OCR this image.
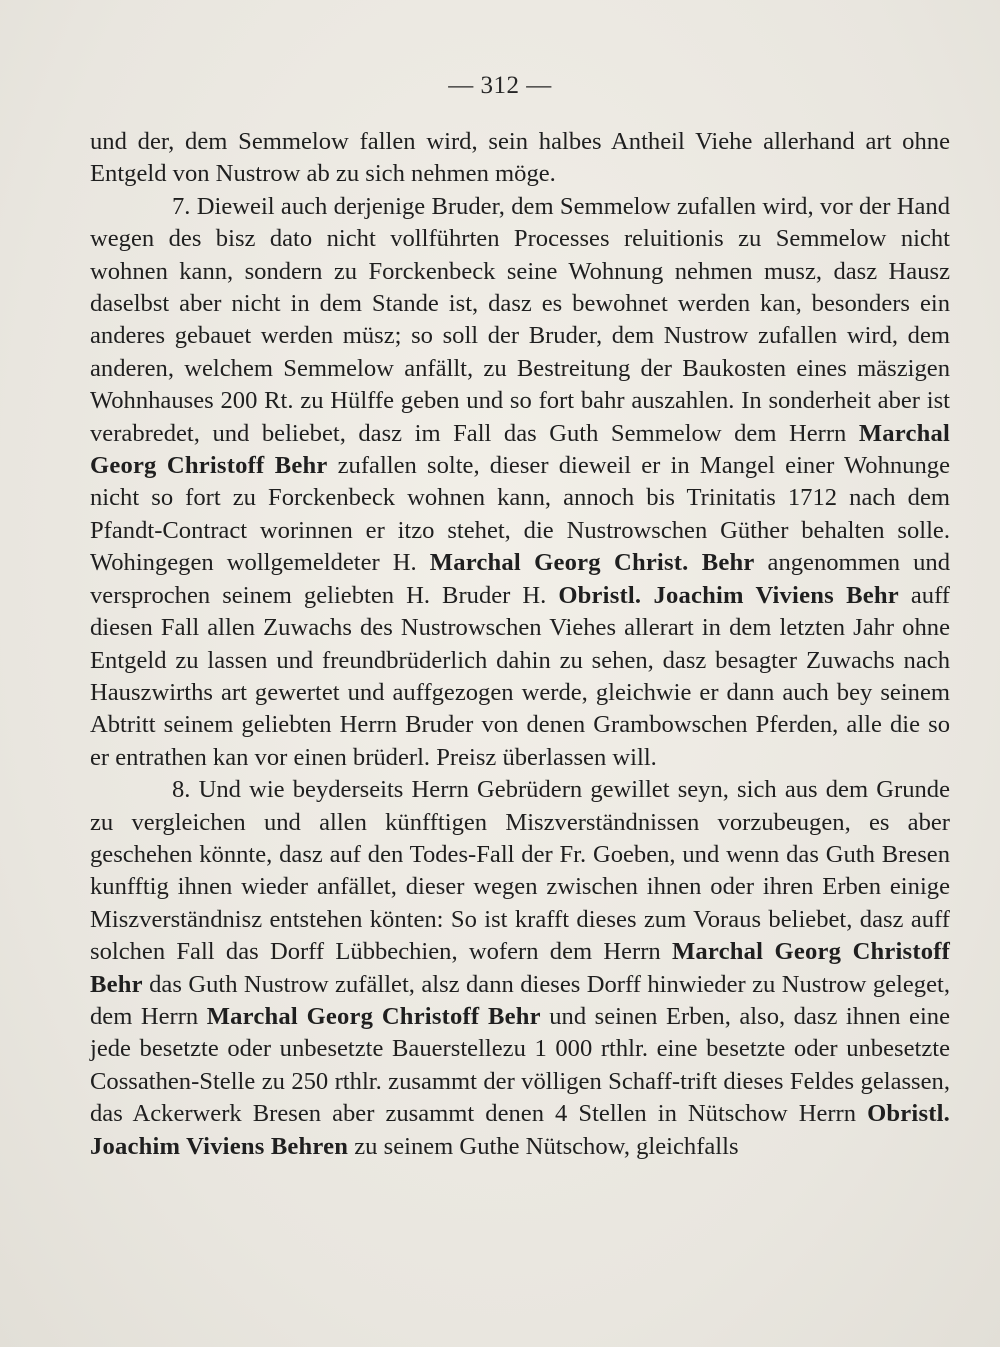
— 312 —

und der, dem Semmelow fallen wird, sein halbes Antheil Viehe allerhand art ohne Entgeld von Nustrow ab zu sich nehmen möge.

7. Dieweil auch derjenige Bruder, dem Semmelow zufallen wird, vor der Hand wegen des bisz dato nicht vollführten Processes reluitionis zu Semmelow nicht wohnen kann, sondern zu Forckenbeck seine Wohnung nehmen musz, dasz Hausz daselbst aber nicht in dem Stande ist, dasz es bewohnet werden kan, besonders ein anderes gebauet werden müsz; so soll der Bruder, dem Nustrow zufallen wird, dem anderen, welchem Semmelow anfällt, zu Bestreitung der Baukosten eines mäszigen Wohnhauses 200 Rt. zu Hülffe geben und so fort bahr auszahlen. In sonderheit aber ist verabredet, und beliebet, dasz im Fall das Guth Semmelow dem Herrn Marchal Georg Christoff Behr zufallen solte, dieser dieweil er in Mangel einer Wohnunge nicht so fort zu Forckenbeck wohnen kann, annoch bis Trinitatis 1712 nach dem Pfandt-Contract worinnen er itzo stehet, die Nustrowschen Güther behalten solle. Wohingegen wollgemeldeter H. Marchal Georg Christ. Behr angenommen und versprochen seinem geliebten H. Bruder H. Obristl. Joachim Viviens Behr auff diesen Fall allen Zuwachs des Nustrowschen Viehes allerart in dem letzten Jahr ohne Entgeld zu lassen und freundbrüderlich dahin zu sehen, dasz besagter Zuwachs nach Hauszwirths art gewertet und auffgezogen werde, gleichwie er dann auch bey seinem Abtritt seinem geliebten Herrn Bruder von denen Grambowschen Pferden, alle die so er entrathen kan vor einen brüderl. Preisz überlassen will.

8. Und wie beyderseits Herrn Gebrüdern gewillet seyn, sich aus dem Grunde zu vergleichen und allen künfftigen Miszverständnissen vorzubeugen, es aber geschehen könnte, dasz auf den Todes-Fall der Fr. Goeben, und wenn das Guth Bresen kunfftig ihnen wieder anfället, dieser wegen zwischen ihnen oder ihren Erben einige Miszverständnisz entstehen könten: So ist krafft dieses zum Voraus beliebet, dasz auff solchen Fall das Dorff Lübbechien, wofern dem Herrn Marchal Georg Christoff Behr das Guth Nustrow zufället, alsz dann dieses Dorff hinwieder zu Nustrow geleget, dem Herrn Marchal Georg Christoff Behr und seinen Erben, also, dasz ihnen eine jede besetzte oder unbesetzte Bauerstellezu 1 000 rthlr. eine besetzte oder unbesetzte Cossathen-Stelle zu 250 rthlr. zusammt der völligen Schaff-trift dieses Feldes gelassen, das Ackerwerk Bresen aber zusammt denen 4 Stellen in Nütschow Herrn Obristl. Joachim Viviens Behren zu seinem Guthe Nütschow, gleichfalls
